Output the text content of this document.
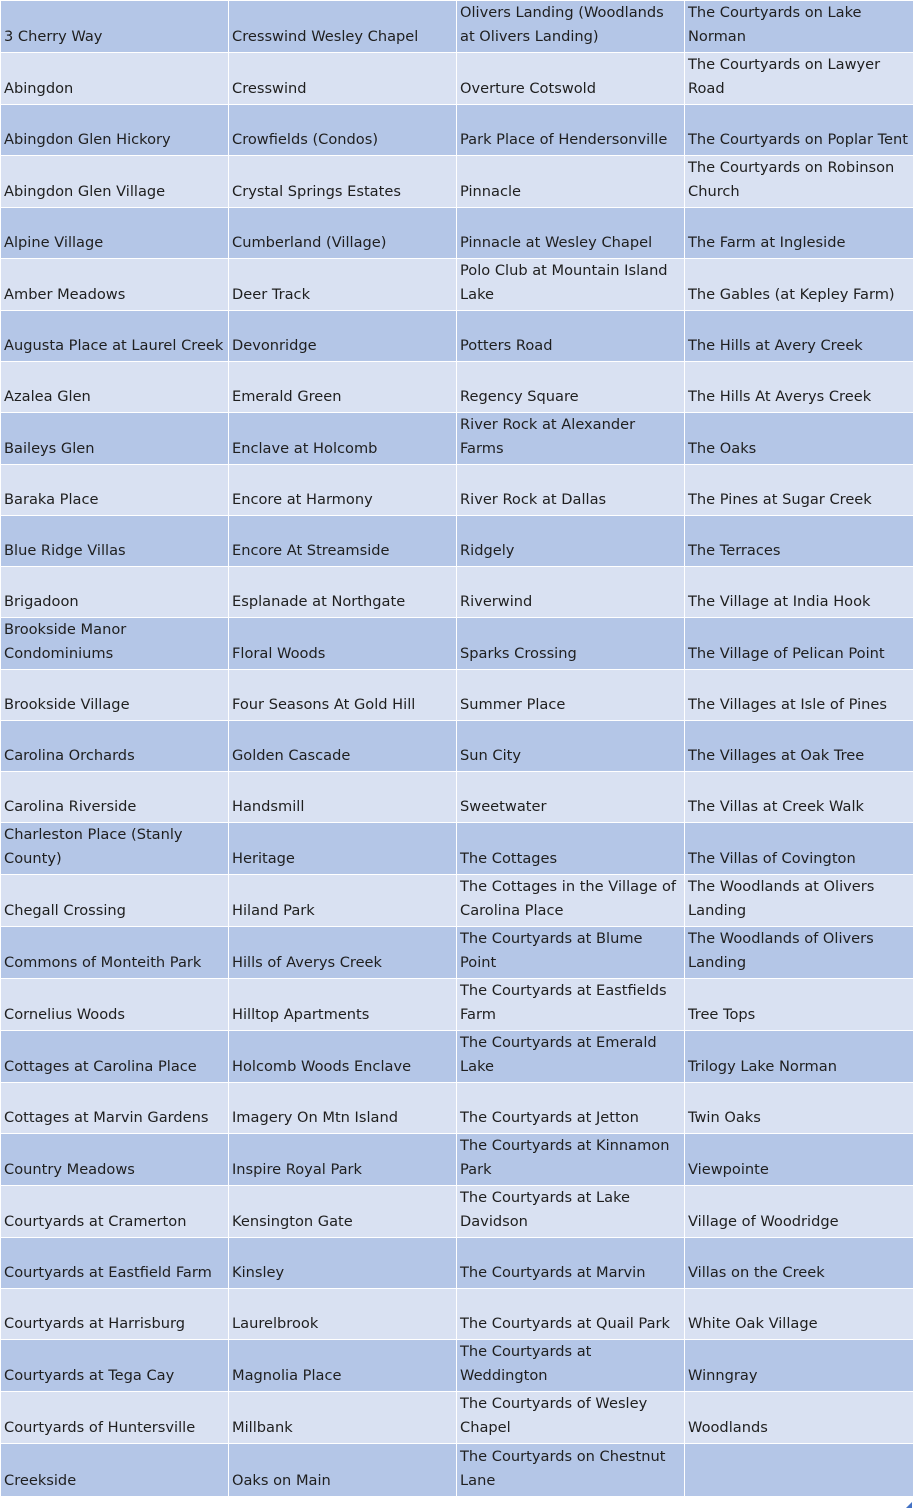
3 Cherry Way	Cresswind Wesley Chapel	Olivers Landing (Woodlands at Olivers Landing)	The Courtyards on Lake Norman
Abingdon	Cresswind	Overture Cotswold	The Courtyards on Lawyer Road
Abingdon Glen Hickory	Crowfields (Condos)	Park Place of Hendersonville	The Courtyards on Poplar Tent
Abingdon Glen Village	Crystal Springs Estates	Pinnacle	The Courtyards on Robinson Church
Alpine Village	Cumberland (Village)	Pinnacle at Wesley Chapel	The Farm at Ingleside
Amber Meadows	Deer Track	Polo Club at Mountain Island Lake	The Gables (at Kepley Farm)
Augusta Place at Laurel Creek	Devonridge	Potters Road	The Hills at Avery Creek
Azalea Glen	Emerald Green	Regency Square	The Hills At Averys Creek
Baileys Glen	Enclave at Holcomb	River Rock at Alexander Farms	The Oaks
Baraka Place	Encore at Harmony	River Rock at Dallas	The Pines at Sugar Creek
Blue Ridge Villas	Encore At Streamside	Ridgely	The Terraces
Brigadoon	Esplanade at Northgate	Riverwind	The Village at India Hook
Brookside Manor Condominiums	Floral Woods	Sparks Crossing	The Village of Pelican Point
Brookside Village	Four Seasons At Gold Hill	Summer Place	The Villages at Isle of Pines
Carolina Orchards	Golden Cascade	Sun City	The Villages at Oak Tree
Carolina Riverside	Handsmill	Sweetwater	The Villas at Creek Walk
Charleston Place (Stanly County)	Heritage	The Cottages	The Villas of Covington
Chegall Crossing	Hiland Park	The Cottages in the Village of Carolina Place	The Woodlands at Olivers Landing
Commons of Monteith Park	Hills of Averys Creek	The Courtyards at Blume Point	The Woodlands of Olivers Landing
Cornelius Woods	Hilltop Apartments	The Courtyards at Eastfields Farm	Tree Tops
Cottages at Carolina Place	Holcomb Woods Enclave	The Courtyards at Emerald Lake	Trilogy Lake Norman
Cottages at Marvin Gardens	Imagery On Mtn Island	The Courtyards at Jetton	Twin Oaks
Country Meadows	Inspire Royal Park	The Courtyards at Kinnamon Park	Viewpointe
Courtyards at Cramerton	Kensington Gate	The Courtyards at Lake Davidson	Village of Woodridge
Courtyards at Eastfield Farm	Kinsley	The Courtyards at Marvin	Villas on the Creek
Courtyards at Harrisburg	Laurelbrook	The Courtyards at Quail Park	White Oak Village
Courtyards at Tega Cay	Magnolia Place	The Courtyards at Weddington	Winngray
Courtyards of Huntersville	Millbank	The Courtyards of Wesley Chapel	Woodlands
Creekside	Oaks on Main	The Courtyards on Chestnut Lane	
